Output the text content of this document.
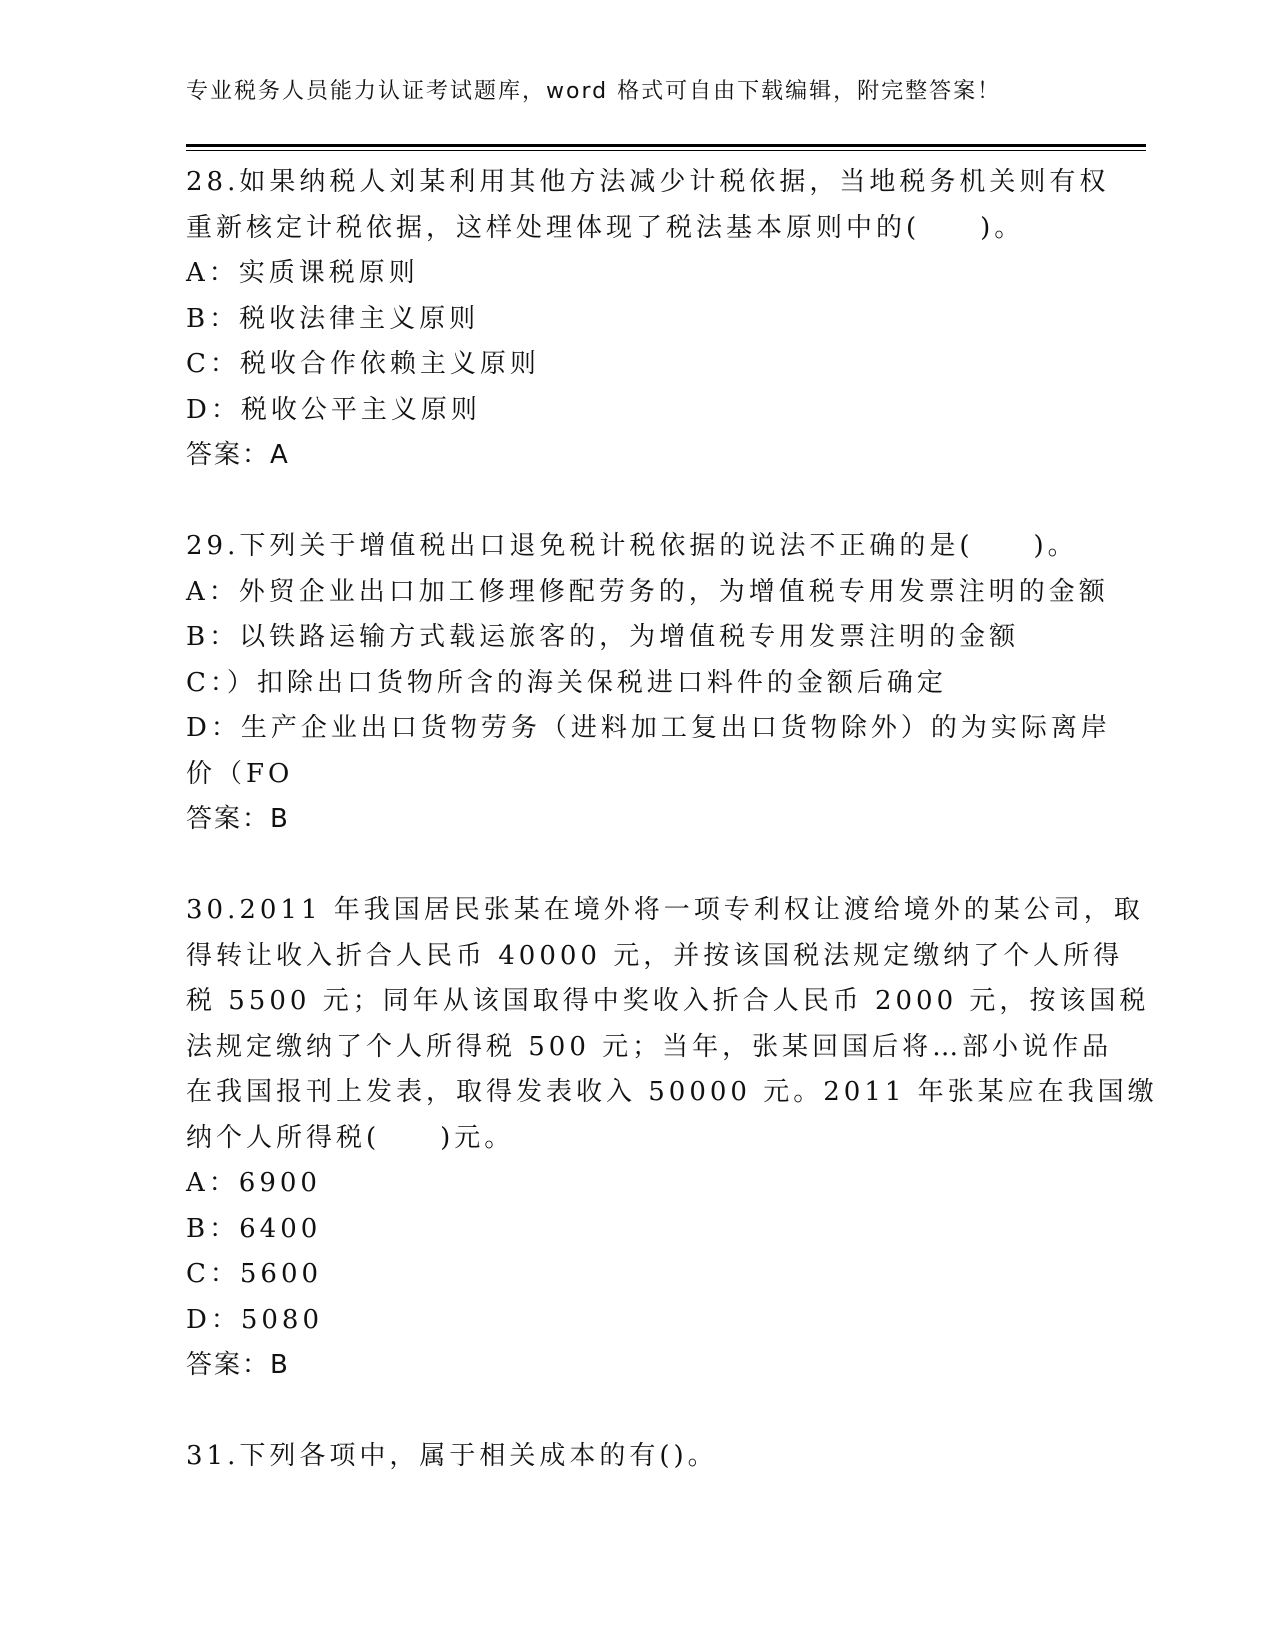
专业税务人员能力认证考试题库，word 格式可自由下载编辑，附完整答案！
28.如果纳税人刘某利用其他方法减少计税依据，当地税务机关则有权
重新核定计税依据，这样处理体现了税法基本原则中的(　　)。
A：实质课税原则
B：税收法律主义原则
C：税收合作依赖主义原则
D：税收公平主义原则
答案：A
29.下列关于增值税出口退免税计税依据的说法不正确的是(　　)。
A：外贸企业出口加工修理修配劳务的，为增值税专用发票注明的金额
B：以铁路运输方式载运旅客的，为增值税专用发票注明的金额
C：）扣除出口货物所含的海关保税进口料件的金额后确定
D：生产企业出口货物劳务（进料加工复出口货物除外）的为实际离岸
价（FO
答案：B
30.2011 年我国居民张某在境外将一项专利权让渡给境外的某公司，取
得转让收入折合人民币 40000 元，并按该国税法规定缴纳了个人所得
税 5500 元；同年从该国取得中奖收入折合人民币 2000 元，按该国税
法规定缴纳了个人所得税 500 元；当年，张某回国后将…部小说作品
在我国报刊上发表，取得发表收入 50000 元。2011 年张某应在我国缴
纳个人所得税(　　)元。
A：6900
B：6400
C：5600
D：5080
答案：B
31.下列各项中，属于相关成本的有()。
